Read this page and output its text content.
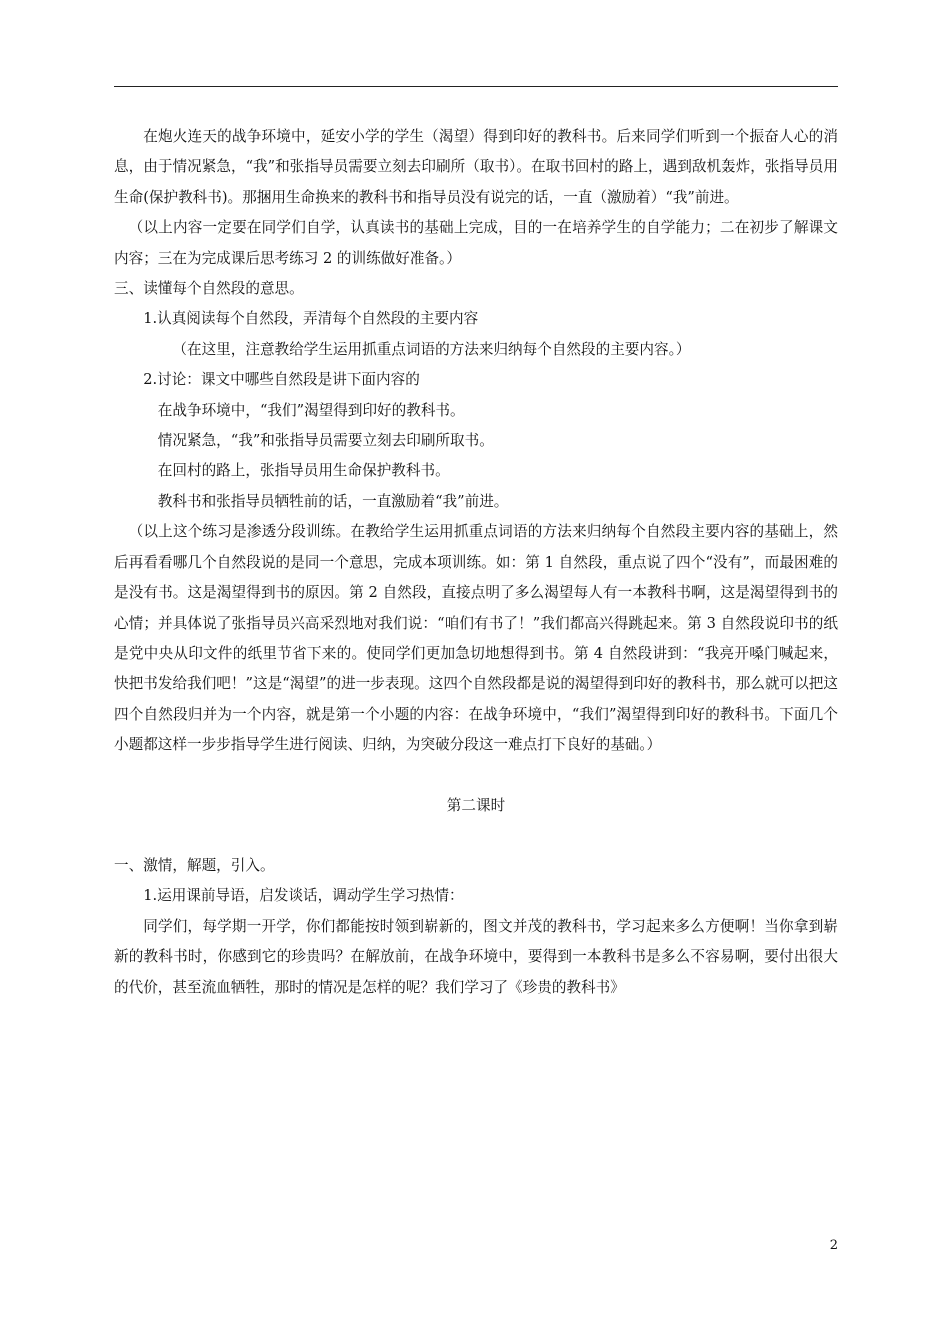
在炮火连天的战争环境中，延安小学的学生（渴望）得到印好的教科书。后来同学们听到一个振奋人心的消息，由于情况紧急，“我”和张指导员需要立刻去印刷所（取书）。在取书回村的路上，遇到敌机轰炸，张指导员用生命(保护教科书)。那捆用生命换来的教科书和指导员没有说完的话，一直（激励着）“我”前进。

（以上内容一定要在同学们自学，认真读书的基础上完成，目的一在培养学生的自学能力；二在初步了解课文内容；三在为完成课后思考练习 2 的训练做好准备。）

三、读懂每个自然段的意思。

1.认真阅读每个自然段，弄清每个自然段的主要内容

（在这里，注意教给学生运用抓重点词语的方法来归纳每个自然段的主要内容。）

2.讨论：课文中哪些自然段是讲下面内容的

在战争环境中，“我们”渴望得到印好的教科书。

情况紧急，“我”和张指导员需要立刻去印刷所取书。

在回村的路上，张指导员用生命保护教科书。

教科书和张指导员牺牲前的话，一直激励着“我”前进。

（以上这个练习是渗透分段训练。在教给学生运用抓重点词语的方法来归纳每个自然段主要内容的基础上，然后再看看哪几个自然段说的是同一个意思，完成本项训练。如：第 1 自然段，重点说了四个“没有”，而最困难的是没有书。这是渴望得到书的原因。第 2 自然段，直接点明了多么渴望每人有一本教科书啊，这是渴望得到书的心情；并具体说了张指导员兴高采烈地对我们说：“咱们有书了！”我们都高兴得跳起来。第 3 自然段说印书的纸是党中央从印文件的纸里节省下来的。使同学们更加急切地想得到书。第 4 自然段讲到：“我亮开嗓门喊起来，快把书发给我们吧！”这是“渴望”的进一步表现。这四个自然段都是说的渴望得到印好的教科书，那么就可以把这四个自然段归并为一个内容，就是第一个小题的内容：在战争环境中，“我们”渴望得到印好的教科书。下面几个小题都这样一步步指导学生进行阅读、归纳，为突破分段这一难点打下良好的基础。）

第二课时

一、激情，解题，引入。

1.运用课前导语，启发谈话，调动学生学习热情：

同学们，每学期一开学，你们都能按时领到崭新的，图文并茂的教科书，学习起来多么方便啊！当你拿到崭新的教科书时，你感到它的珍贵吗？在解放前，在战争环境中，要得到一本教科书是多么不容易啊，要付出很大的代价，甚至流血牺牲，那时的情况是怎样的呢？我们学习了《珍贵的教科书》

2
